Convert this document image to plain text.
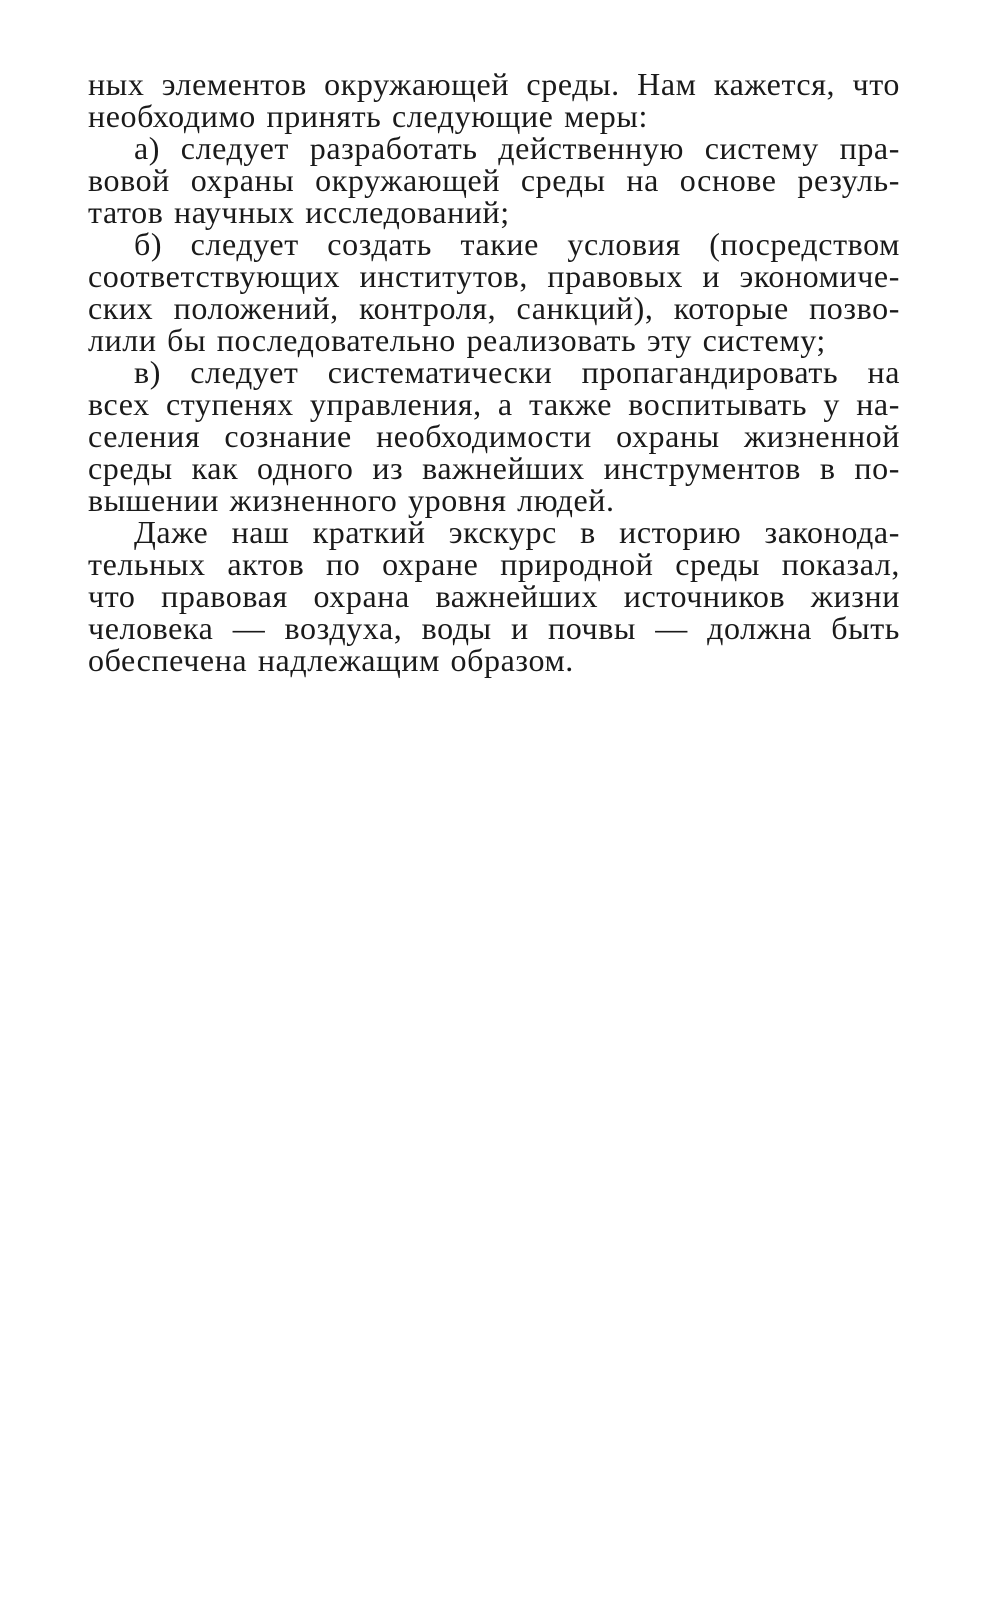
ных элементов окружающей среды. Нам кажется, что
необходимо принять следующие меры:
а) следует разработать действенную систему пра-
вовой охраны окружающей среды на основе резуль-
татов научных исследований;
б) следует создать такие условия (посредством
соответствующих институтов, правовых и экономиче-
ских положений, контроля, санкций), которые позво-
лили бы последовательно реализовать эту систему;
в) следует систематически пропагандировать на
всех ступенях управления, а также воспитывать у на-
селения сознание необходимости охраны жизненной
среды как одного из важнейших инструментов в по-
вышении жизненного уровня людей.
Даже наш краткий экскурс в историю законода-
тельных актов по охране природной среды показал,
что правовая охрана важнейших источников жизни
человека — воздуха, воды и почвы — должна быть
обеспечена надлежащим образом.
